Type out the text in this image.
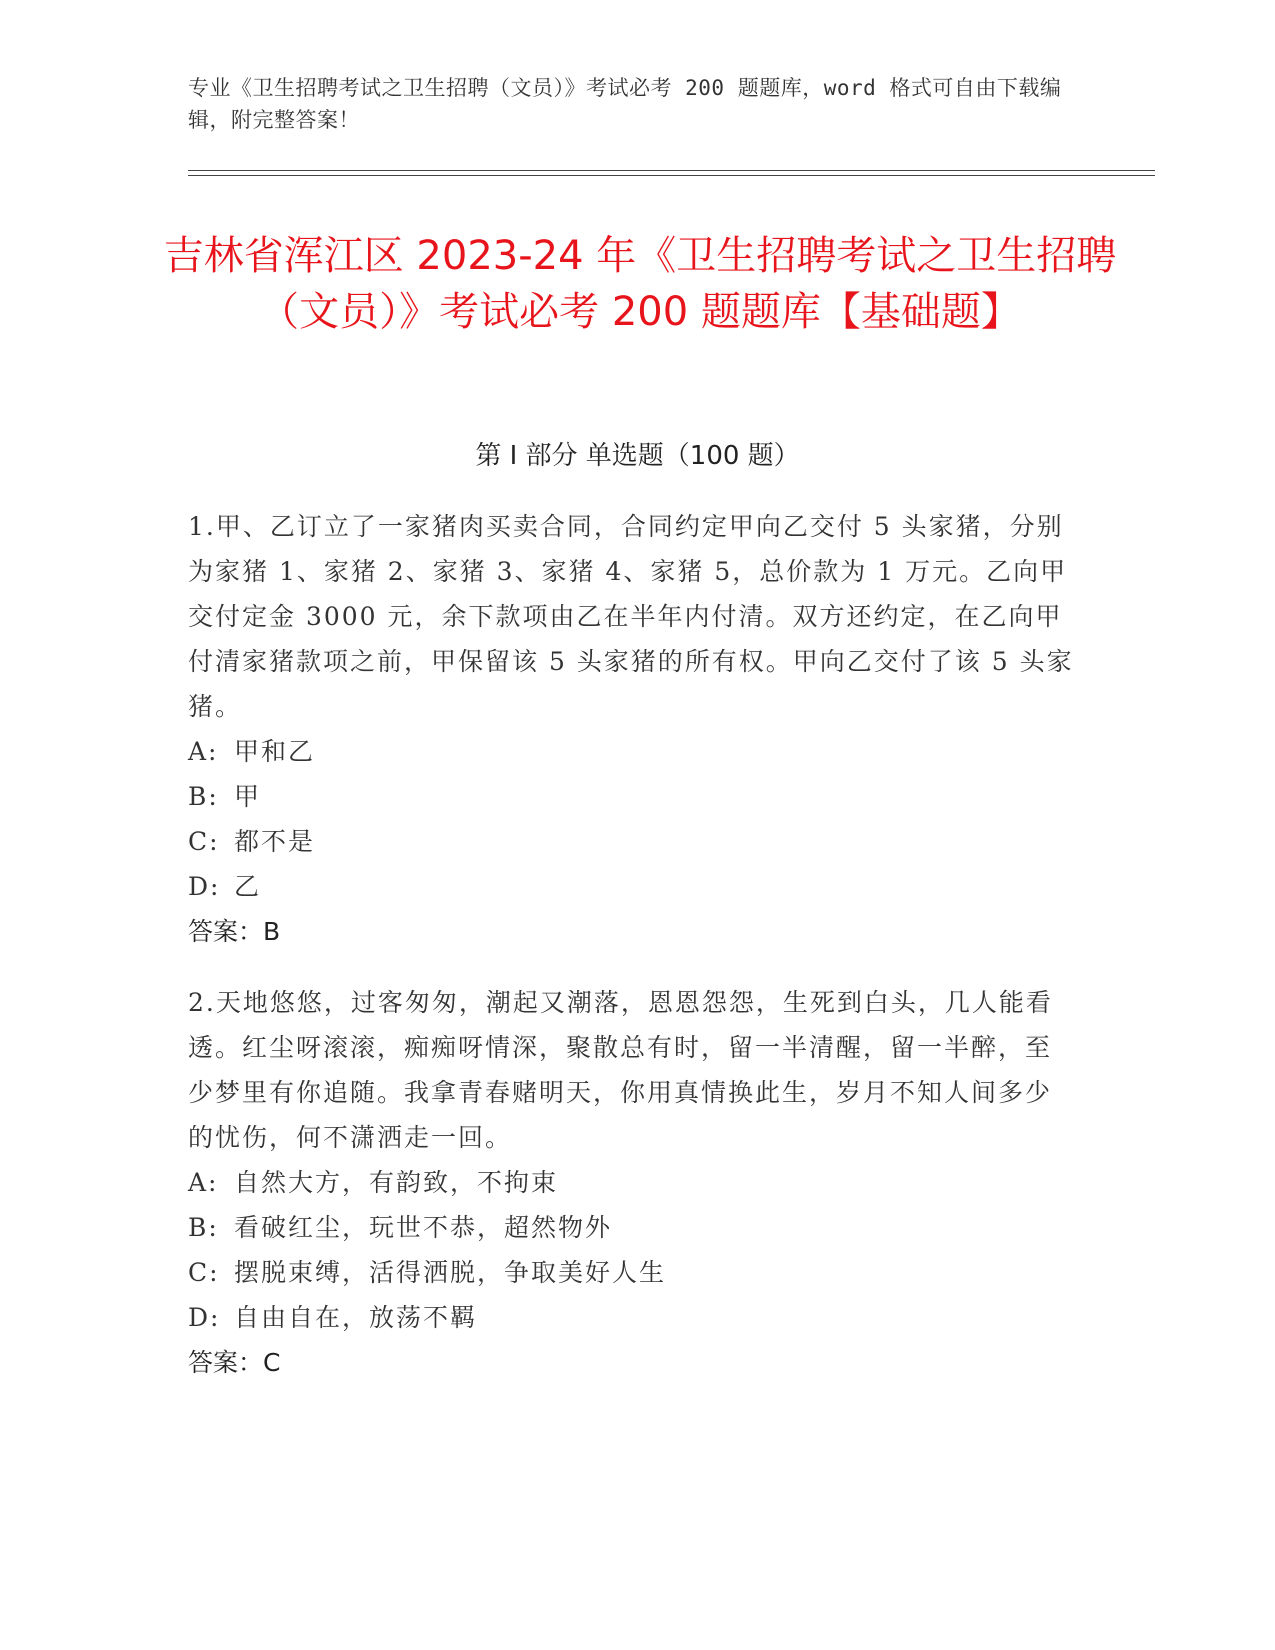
专业《卫生招聘考试之卫生招聘（文员）》考试必考 200 题题库，word 格式可自由下载编辑，附完整答案！
吉林省浑江区 2023-24 年《卫生招聘考试之卫生招聘（文员）》考试必考 200 题题库【基础题】
第 I 部分 单选题（100 题）
1.甲、乙订立了一家猪肉买卖合同，合同约定甲向乙交付 5 头家猪，分别为家猪 1、家猪 2、家猪 3、家猪 4、家猪 5，总价款为 1 万元。乙向甲交付定金 3000 元，余下款项由乙在半年内付清。双方还约定，在乙向甲付清家猪款项之前，甲保留该 5 头家猪的所有权。甲向乙交付了该 5 头家猪。
A: 甲和乙
B: 甲
C: 都不是
D: 乙
答案：B
2.天地悠悠，过客匆匆，潮起又潮落，恩恩怨怨，生死到白头，几人能看透。红尘呀滚滚，痴痴呀情深，聚散总有时，留一半清醒，留一半醉，至少梦里有你追随。我拿青春赌明天，你用真情换此生，岁月不知人间多少的忧伤，何不潇洒走一回。
A: 自然大方，有韵致，不拘束
B: 看破红尘，玩世不恭，超然物外
C: 摆脱束缚，活得洒脱，争取美好人生
D: 自由自在，放荡不羁
答案：C
